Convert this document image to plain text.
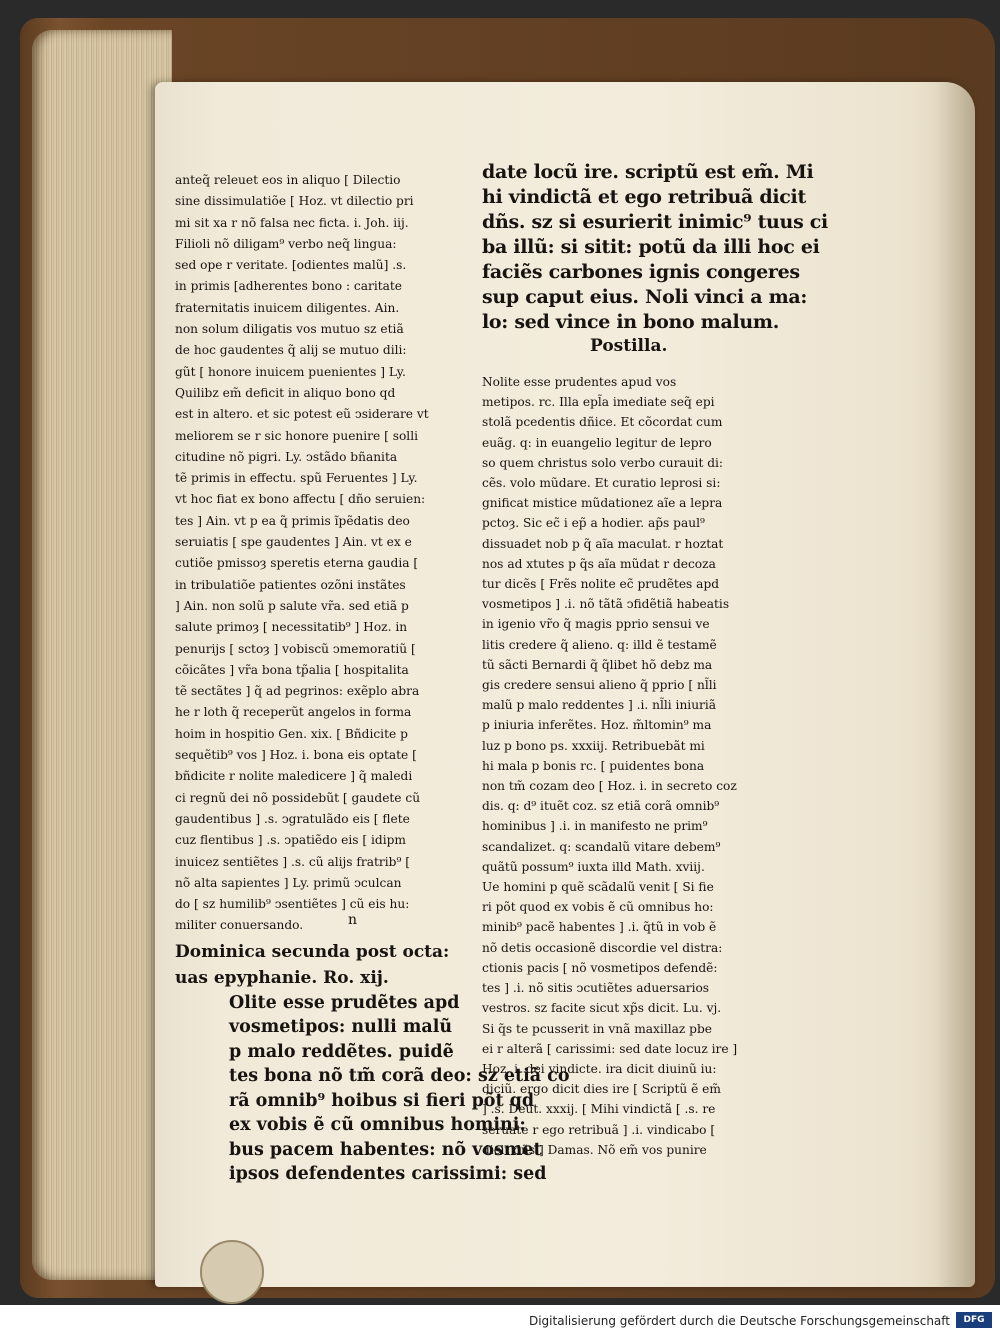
anteq̃ releuet eos in aliquo [ Dilectio
sine dissimulatiõe [ Hoz. vt dilectio pri
mi sit xa r nõ falsa nec ficta. i. Joh. iij.
Filioli nõ diligam⁹ verbo neq̃ lingua:
sed ope r veritate. [odientes malũ] .s.
in primis [adherentes bono : caritate
fraternitatis inuicem diligentes. Ain.
non solum diligatis vos mutuo sz etiã
de hoc gaudentes q̃ alij se mutuo dili:
gũt [ honore inuicem puenientes ] Ly.
Quilibz em̃ deficit in aliquo bono qd
est in altero. et sic potest eũ ↄsiderare vt
meliorem se r sic honore puenire [ solli
citudine nõ pigri. Ly. ↄstãdo bñanita
tẽ primis in effectu. spũ Feruentes ] Ly.
vt hoc fiat ex bono affectu [ dño seruien:
tes ] Ain. vt p ea q̃ primis ĩpẽdatis deo
seruiatis [ spe gaudentes ] Ain. vt ex e
cutiõe pmissoȝ speretis eterna gaudia [
in tribulatiõe patientes ozõni instãtes
] Ain. non solũ p salute vr̃a. sed etiã p
salute primoȝ [ necessitatib⁹ ] Hoz. in
penurijs [ sctoȝ ] vobiscũ ↄmemoratiũ [
cõicãtes ] vr̃a bona tp̃alia [ hospitalita
tẽ sectãtes ] q̃ ad pegrinos: exẽplo abra
he r loth q̃ receperũt angelos in forma
hoim in hospitio Gen. xix. [ Bñdicite p
sequẽtib⁹ vos ] Hoz. i. bona eis optate [
bñdicite r nolite maledicere ] q̃ maledi
ci regnũ dei nõ possidebũt [ gaudete cũ
gaudentibus ] .s. ↄgratulãdo eis [ flete
cuz flentibus ] .s. ↄpatiẽdo eis [ idipm
inuicez sentiẽtes ] .s. cũ alijs fratrib⁹ [
nõ alta sapientes ] Ly. primũ ↄculcan
do [ sz humilib⁹ ↄsentiẽtes ] cũ eis hu:
militer conuersando.
Dominica secunda post octa:
uas epyphanie. Ro. xij.
Olite esse prudẽtes apd
vosmetipos: nulli malũ
p malo reddẽtes. puidẽ
tes bona nõ tm̃ corã deo: sz etiã co
rã omnib⁹ hoibus si fieri põt qd
ex vobis ẽ cũ omnibus homini:
bus pacem habentes: nõ vosmet
ipsos defendentes carissimi: sed
n
date locũ ire. scriptũ est em̃. Mi
hi vindictã et ego retribuã dicit
dñs. sz si esurierit inimic⁹ tuus ci
ba illũ: si sitit: potũ da illi hoc ei
faciẽs carbones ignis congeres
sup caput eius. Noli vinci a ma:
lo: sed vince in bono malum.
Postilla.
Nolite esse prudentes apud vos
metipos. rc. Illa epl̃a imediate seq̃ epi
stolã pcedentis dñice. Et cõcordat cum
euãg. q: in euangelio legitur de lepro
so quem christus solo verbo curauit di:
cẽs. volo mũdare. Et curatio leprosi si:
gnificat mistice mũdationez aĩe a lepra
pctoȝ. Sic ec̃ i ep̃ a hodier. ap̃s paul⁹
dissuadet nob p q̃ aĩa maculat. r hoztat
nos ad xtutes p q̃s aĩa mũdat r decoza
tur dicẽs [ Frẽs nolite ec̃ prudẽtes apd
vosmetipos ] .i. nõ tãtã ↄfidẽtiã habeatis
in igenio vr̃o q̃ magis pprio sensui ve
litis credere q̃ alieno. q: illd ẽ testamẽ
tũ sãcti Bernardi q̃ q̃libet hõ debz ma
gis credere sensui alieno q̃ pprio [ nl̃li
malũ p malo reddentes ] .i. nl̃li iniuriã
p iniuria inferẽtes. Hoz. m̃ltomin⁹ ma
luz p bono ps. xxxiij. Retribuebãt mi
hi mala p bonis rc. [ puidentes bona
non tm̃ cozam deo [ Hoz. i. in secreto coz
dis. q: d⁹ ituẽt coz. sz etiã corã omnib⁹
hominibus ] .i. in manifesto ne prim⁹
scandalizet. q: scandalũ vitare debem⁹
quãtũ possum⁹ iuxta illd Math. xviij.
Ue homini p quẽ scãdalũ venit [ Si fie
ri põt quod ex vobis ẽ cũ omnibus ho:
minib⁹ pacẽ habentes ] .i. q̃tũ in vob ẽ
nõ detis occasionẽ discordie vel distra:
ctionis pacis [ nõ vosmetipos defendẽ:
tes ] .i. nõ sitis ↄcutiẽtes aduersarios
vestros. sz facite sicut xp̃s dicit. Lu. vj.
Si q̃s te pcusserit in vnã maxillaz pbe
ei r alterã [ carissimi: sed date locuz ire ]
Hoz. i. dei vindicte. ira dicit diuinũ iu:
diciũ. ergo dicit dies ire [ Scriptũ ẽ em̃
] .s. Deut. xxxij. [ Mihi vindictã [ .s. re
seruate r ego retribuã ] .i. vindicabo [
dicit dñs ] Damas. Nõ em̃ vos punire
Digitalisierung gefördert durch die Deutsche Forschungsgemeinschaft	DFG
